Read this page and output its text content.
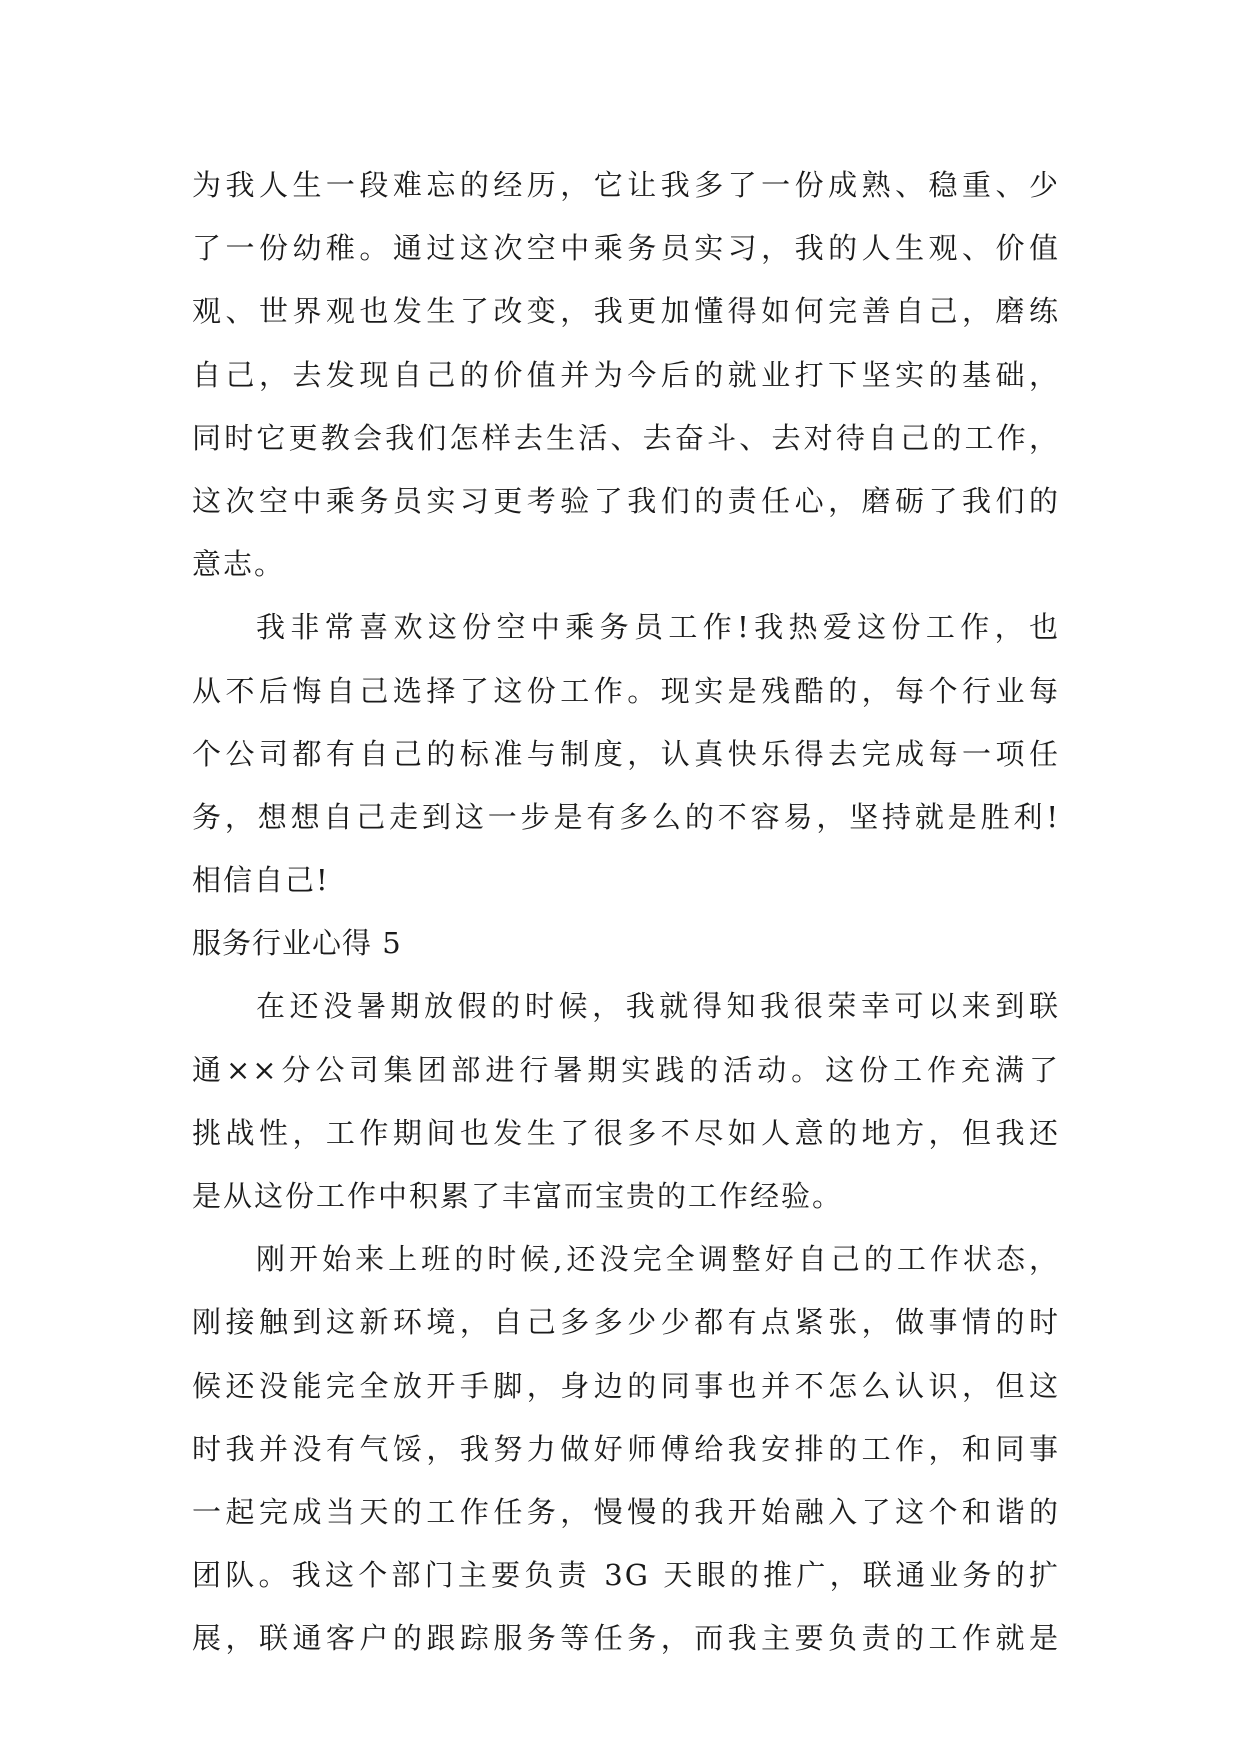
为我人生一段难忘的经历，它让我多了一份成熟、稳重、少
了一份幼稚。通过这次空中乘务员实习，我的人生观、价值
观、世界观也发生了改变，我更加懂得如何完善自己，磨练
自己，去发现自己的价值并为今后的就业打下坚实的基础，
同时它更教会我们怎样去生活、去奋斗、去对待自己的工作，
这次空中乘务员实习更考验了我们的责任心，磨砺了我们的
意志。
我非常喜欢这份空中乘务员工作!我热爱这份工作，也
从不后悔自己选择了这份工作。现实是残酷的，每个行业每
个公司都有自己的标准与制度，认真快乐得去完成每一项任
务，想想自己走到这一步是有多么的不容易，坚持就是胜利!
相信自己!
服务行业心得 5
在还没暑期放假的时候，我就得知我很荣幸可以来到联
通××分公司集团部进行暑期实践的活动。这份工作充满了
挑战性，工作期间也发生了很多不尽如人意的地方，但我还
是从这份工作中积累了丰富而宝贵的工作经验。
刚开始来上班的时候,还没完全调整好自己的工作状态，
刚接触到这新环境，自己多多少少都有点紧张，做事情的时
候还没能完全放开手脚，身边的同事也并不怎么认识，但这
时我并没有气馁，我努力做好师傅给我安排的工作，和同事
一起完成当天的工作任务，慢慢的我开始融入了这个和谐的
团队。我这个部门主要负责 3G 天眼的推广，联通业务的扩
展，联通客户的跟踪服务等任务，而我主要负责的工作就是
